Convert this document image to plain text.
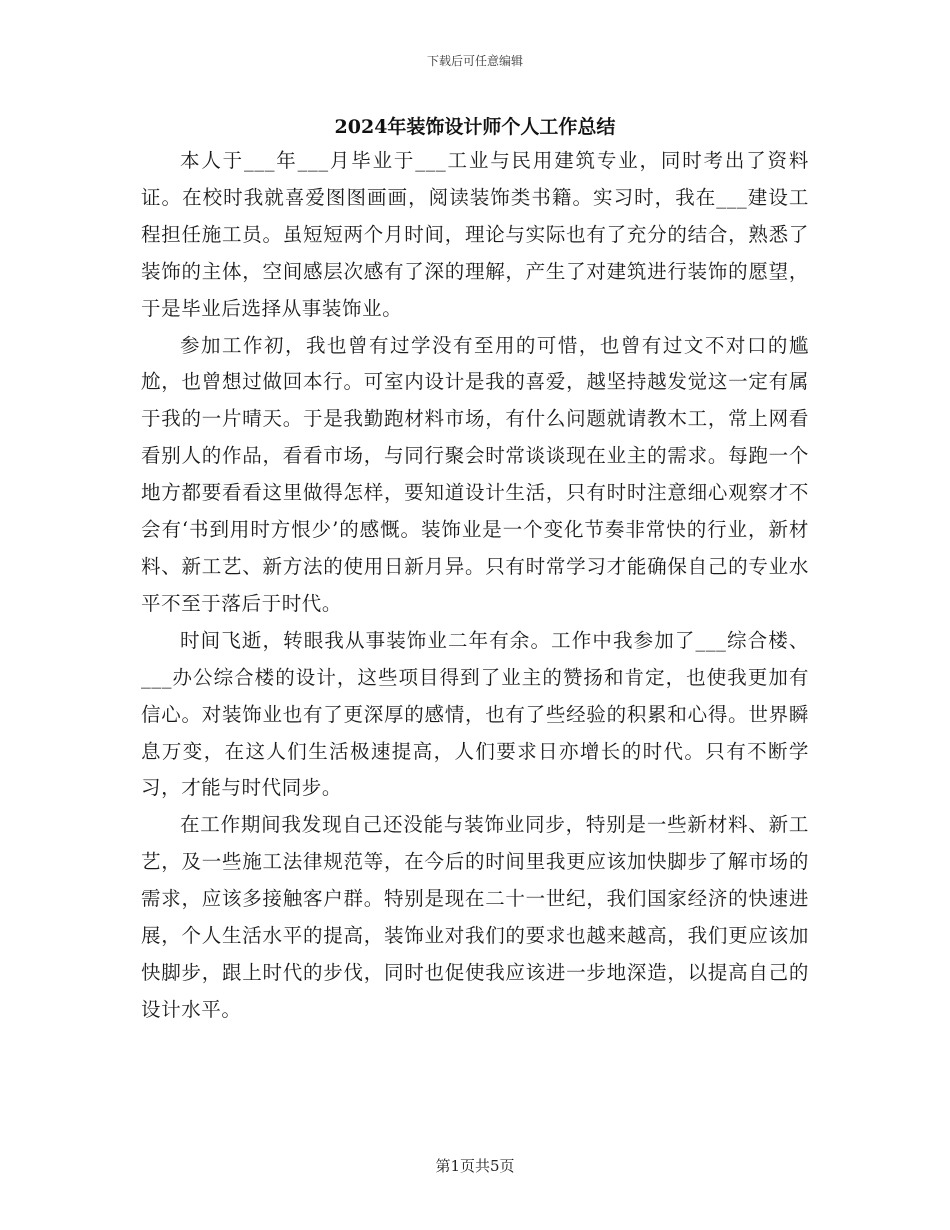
下载后可任意编辑
2024年装饰设计师个人工作总结

本人于___年___月毕业于___工业与民用建筑专业，同时考出了资料证。在校时我就喜爱图图画画，阅读装饰类书籍。实习时，我在___建设工程担任施工员。虽短短两个月时间，理论与实际也有了充分的结合，熟悉了装饰的主体，空间感层次感有了深的理解，产生了对建筑进行装饰的愿望，于是毕业后选择从事装饰业。

参加工作初，我也曾有过学没有至用的可惜，也曾有过文不对口的尴尬，也曾想过做回本行。可室内设计是我的喜爱，越坚持越发觉这一定有属于我的一片晴天。于是我勤跑材料市场，有什么问题就请教木工，常上网看看别人的作品，看看市场，与同行聚会时常谈谈现在业主的需求。每跑一个地方都要看看这里做得怎样，要知道设计生活，只有时时注意细心观察才不会有‘书到用时方恨少’的感慨。装饰业是一个变化节奏非常快的行业，新材料、新工艺、新方法的使用日新月异。只有时常学习才能确保自己的专业水平不至于落后于时代。

时间飞逝，转眼我从事装饰业二年有余。工作中我参加了___综合楼、___办公综合楼的设计，这些项目得到了业主的赞扬和肯定，也使我更加有信心。对装饰业也有了更深厚的感情，也有了些经验的积累和心得。世界瞬息万变，在这人们生活极速提高，人们要求日亦增长的时代。只有不断学习，才能与时代同步。

在工作期间我发现自己还没能与装饰业同步，特别是一些新材料、新工艺，及一些施工法律规范等，在今后的时间里我更应该加快脚步了解市场的需求，应该多接触客户群。特别是现在二十一世纪，我们国家经济的快速进展，个人生活水平的提高，装饰业对我们的要求也越来越高，我们更应该加快脚步，跟上时代的步伐，同时也促使我应该进一步地深造，以提高自己的设计水平。

第1页共5页
